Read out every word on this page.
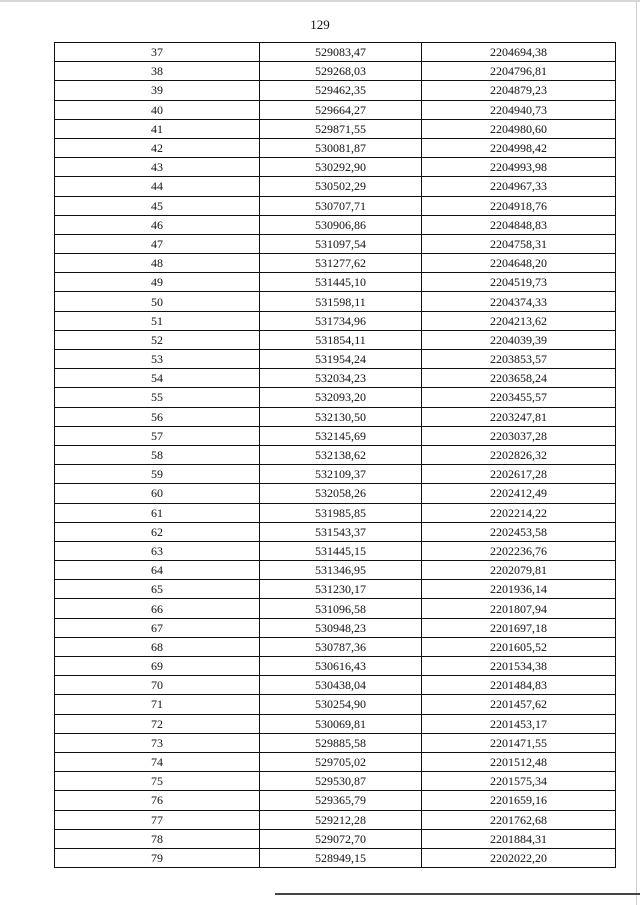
129
37	529083,47	2204694,38
38	529268,03	2204796,81
39	529462,35	2204879,23
40	529664,27	2204940,73
41	529871,55	2204980,60
42	530081,87	2204998,42
43	530292,90	2204993,98
44	530502,29	2204967,33
45	530707,71	2204918,76
46	530906,86	2204848,83
47	531097,54	2204758,31
48	531277,62	2204648,20
49	531445,10	2204519,73
50	531598,11	2204374,33
51	531734,96	2204213,62
52	531854,11	2204039,39
53	531954,24	2203853,57
54	532034,23	2203658,24
55	532093,20	2203455,57
56	532130,50	2203247,81
57	532145,69	2203037,28
58	532138,62	2202826,32
59	532109,37	2202617,28
60	532058,26	2202412,49
61	531985,85	2202214,22
62	531543,37	2202453,58
63	531445,15	2202236,76
64	531346,95	2202079,81
65	531230,17	2201936,14
66	531096,58	2201807,94
67	530948,23	2201697,18
68	530787,36	2201605,52
69	530616,43	2201534,38
70	530438,04	2201484,83
71	530254,90	2201457,62
72	530069,81	2201453,17
73	529885,58	2201471,55
74	529705,02	2201512,48
75	529530,87	2201575,34
76	529365,79	2201659,16
77	529212,28	2201762,68
78	529072,70	2201884,31
79	528949,15	2202022,20
